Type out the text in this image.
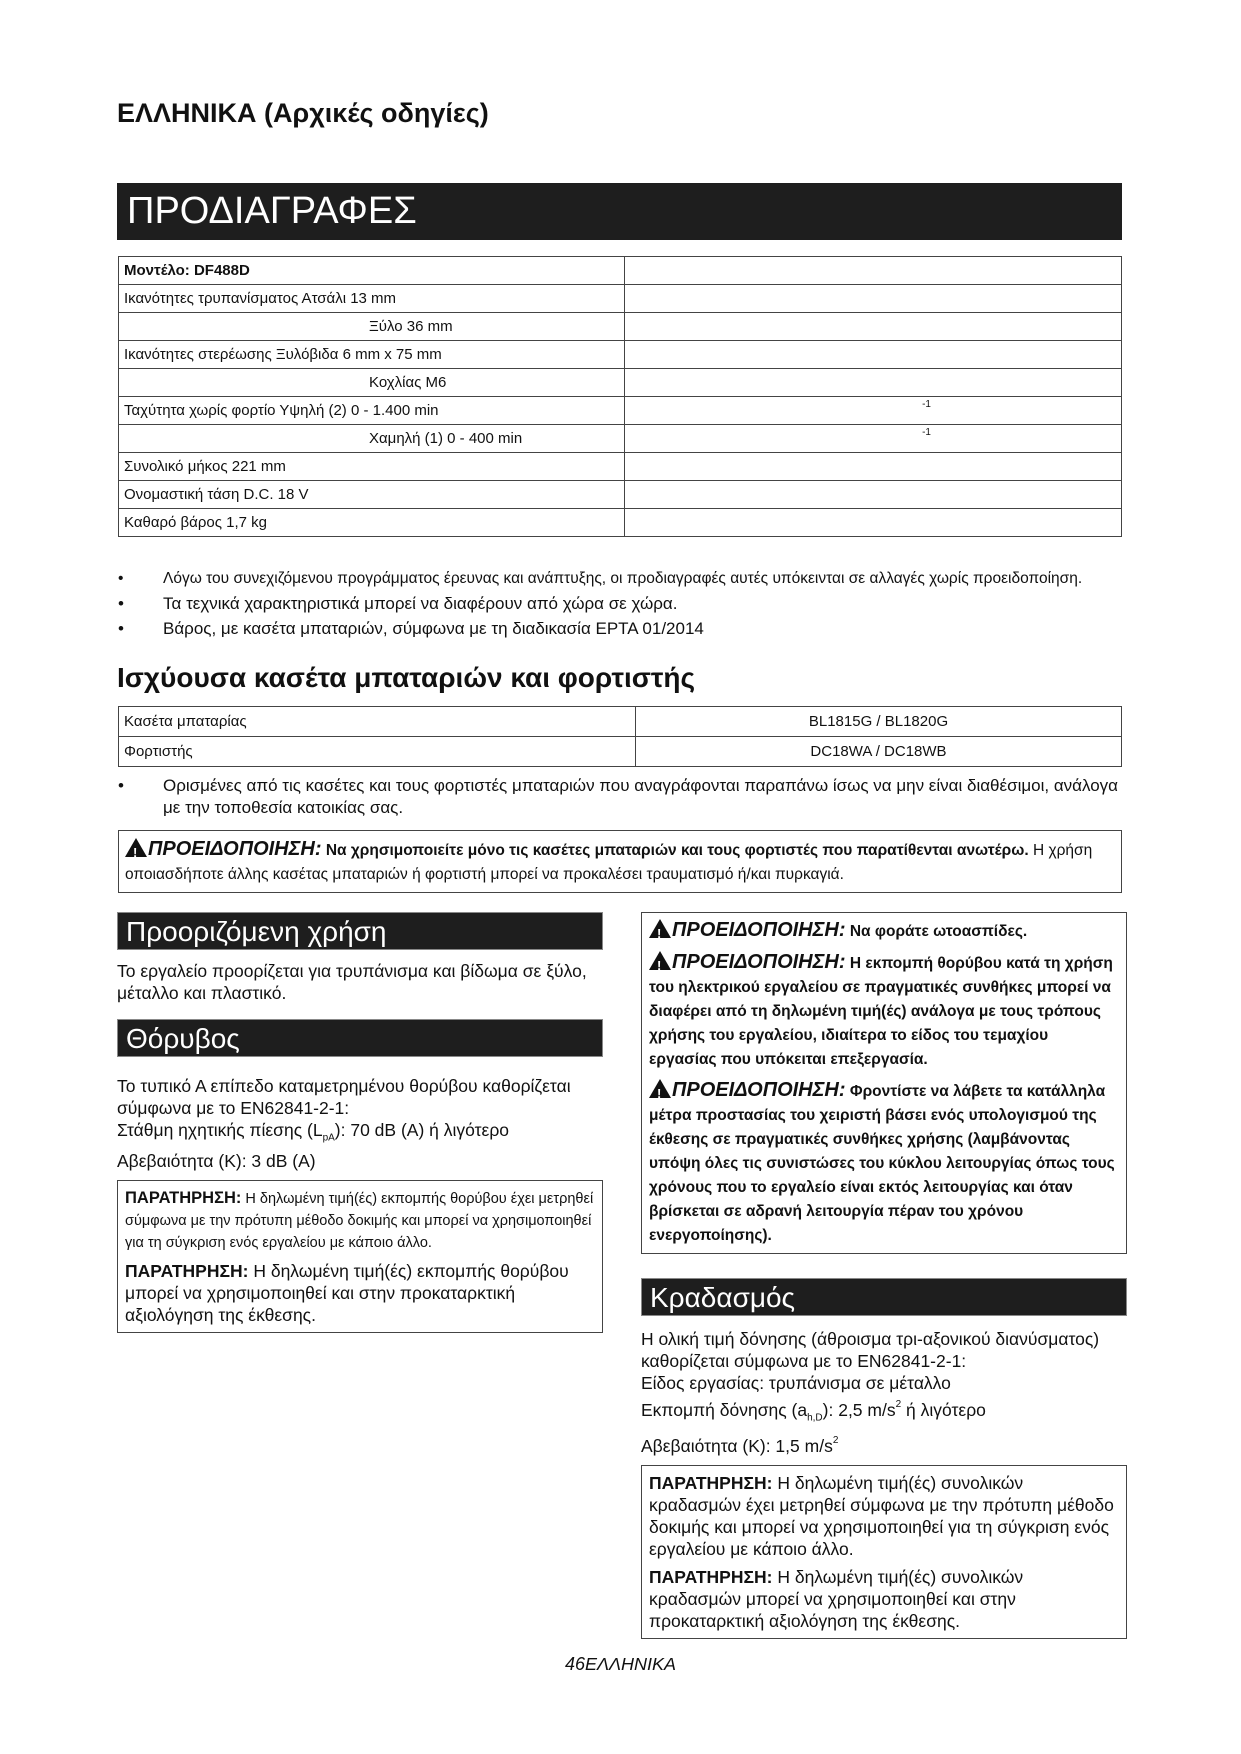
ΕΛΛΗΝΙΚΑ (Αρχικές οδηγίες)
ΠΡΟΔΙΑΓΡΑΦΕΣ
Μοντέλο: DF488D	
Ικανότητες τρυπανίσματος Ατσάλι 13 mm	
Ξύλο 36 mm	
Ικανότητες στερέωσης Ξυλόβιδα 6 mm x 75 mm	
Κοχλίας M6	
Ταχύτητα χωρίς φορτίο Υψηλή (2) 0 - 1.400 min	-1

Χαμηλή (1) 0 - 400 min	-1

Συνολικό μήκος 221 mm	
Ονομαστική τάση D.C. 18 V	
Καθαρό βάρος 1,7 kg	
•	Λόγω του συνεχιζόμενου προγράμματος έρευνας και ανάπτυξης, οι προδιαγραφές αυτές υπόκεινται σε αλλαγές χωρίς προειδοποίηση.
• Τα τεχνικά χαρακτηριστικά μπορεί να διαφέρουν από χώρα σε χώρα.
• Βάρος, με κασέτα μπαταριών, σύμφωνα με τη διαδικασία EPTA 01/2014
Ισχύουσα κασέτα μπαταριών και φορτιστής
Κασέτα μπαταρίας	BL1815G / BL1820G
Φορτιστής	DC18WA / DC18WB
• Ορισμένες από τις κασέτες και τους φορτιστές μπαταριών που αναγράφονται παραπάνω ίσως να μην είναι διαθέσιμοι, ανάλογα με την τοποθεσία κατοικίας σας.
!ΠΡΟΕΙΔΟΠΟΙΗΣΗ: Να χρησιμοποιείτε μόνο τις κασέτες μπαταριών και τους φορτιστές που παρατίθενται ανωτέρω. Η χρήση οποιασδήποτε άλλης κασέτας μπαταριών ή φορτιστή μπορεί να προκαλέσει τραυματισμό ή/και πυρκαγιά.
Προοριζόμενη χρήση
Το εργαλείο προορίζεται για τρυπάνισμα και βίδωμα σε ξύλο, μέταλλο και πλαστικό.
Θόρυβος
Το τυπικό Α επίπεδο καταμετρημένου θορύβου καθορίζεται σύμφωνα με το EN62841-2-1:
Στάθμη ηχητικής πίεσης $(L_{pA})$: 70 dB (A) ή λιγότερο
Αβεβαιότητα (K): 3 dB (A)
ΠΑΡΑΤΗΡΗΣΗ: Η δηλωμένη τιμή(ές) εκπομπής θορύβου έχει μετρηθεί σύμφωνα με την πρότυπη μέθοδο δοκιμής και μπορεί να χρησιμοποιηθεί για τη σύγκριση ενός εργαλείου με κάποιο άλλο.
ΠΑΡΑΤΗΡΗΣΗ: Η δηλωμένη τιμή(ές) εκπομπής θορύβου μπορεί να χρησιμοποιηθεί και στην προκαταρκτική αξιολόγηση της έκθεσης.
!ΠΡΟΕΙΔΟΠΟΙΗΣΗ: Να φοράτε ωτοασπίδες.
!ΠΡΟΕΙΔΟΠΟΙΗΣΗ: Η εκπομπή θορύβου κατά τη χρήση του ηλεκτρικού εργαλείου σε πραγματικές συνθήκες μπορεί να διαφέρει από τη δηλωμένη τιμή(ές) ανάλογα με τους τρόπους χρήσης του εργαλείου, ιδιαίτερα το είδος του τεμαχίου εργασίας που υπόκειται επεξεργασία.
!ΠΡΟΕΙΔΟΠΟΙΗΣΗ: Φροντίστε να λάβετε τα κατάλληλα μέτρα προστασίας του χειριστή βάσει ενός υπολογισμού της έκθεσης σε πραγματικές συνθήκες χρήσης (λαμβάνοντας υπόψη όλες τις συνιστώσες του κύκλου λειτουργίας όπως τους χρόνους που το εργαλείο είναι εκτός λειτουργίας και όταν βρίσκεται σε αδρανή λειτουργία πέραν του χρόνου ενεργοποίησης).
Κραδασμός
Η ολική τιμή δόνησης (άθροισμα τρι-αξονικού διανύσματος) καθορίζεται σύμφωνα με το EN62841-2-1:
Είδος εργασίας: τρυπάνισμα σε μέταλλο
Εκπομπή δόνησης $(a_{h,D})$: 2,5 $m/s^2$ ή λιγότερο
Αβεβαιότητα (K): 1,5 $m/s^2$
ΠΑΡΑΤΗΡΗΣΗ: Η δηλωμένη τιμή(ές) συνολικών κραδασμών έχει μετρηθεί σύμφωνα με την πρότυπη μέθοδο δοκιμής και μπορεί να χρησιμοποιηθεί για τη σύγκριση ενός εργαλείου με κάποιο άλλο.
ΠΑΡΑΤΗΡΗΣΗ: Η δηλωμένη τιμή(ές) συνολικών κραδασμών μπορεί να χρησιμοποιηθεί και στην προκαταρκτική αξιολόγηση της έκθεσης.
46ΕΛΛΗΝΙΚΑ
